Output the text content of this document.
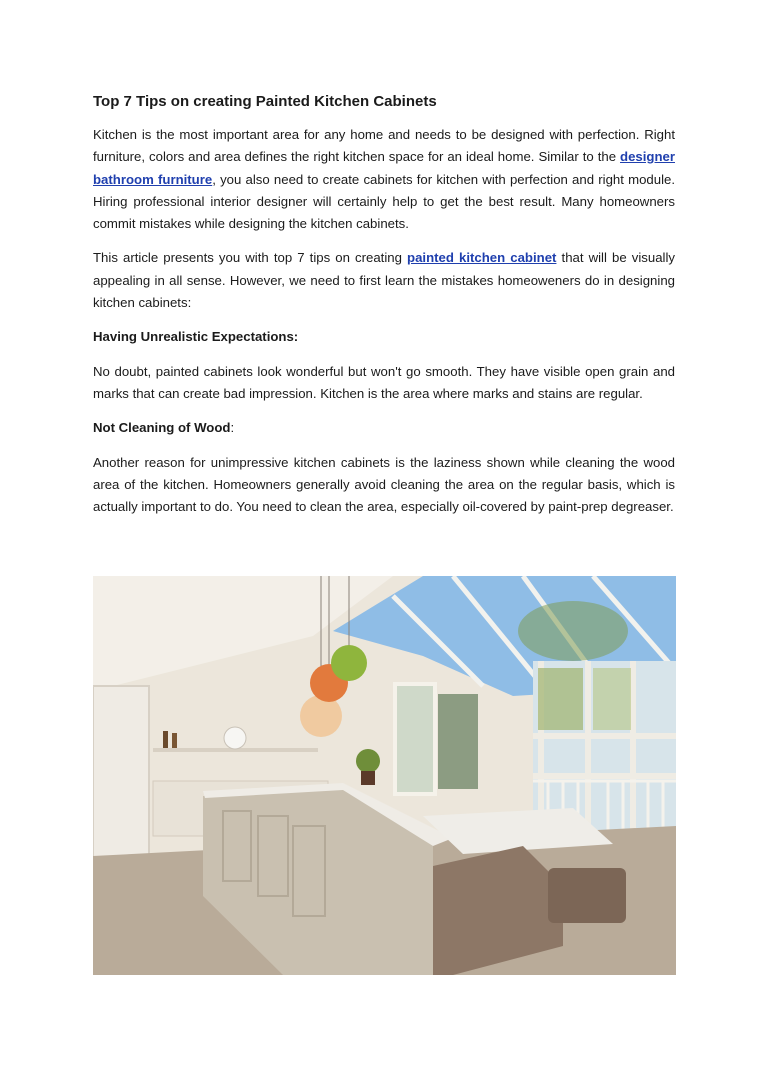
Top 7 Tips on creating Painted Kitchen Cabinets

Kitchen is the most important area for any home and needs to be designed with perfection. Right furniture, colors and area defines the right kitchen space for an ideal home. Similar to the designer bathroom furniture, you also need to create cabinets for kitchen with perfection and right module. Hiring professional interior designer will certainly help to get the best result. Many homeowners commit mistakes while designing the kitchen cabinets.

This article presents you with top 7 tips on creating painted kitchen cabinet that will be visually appealing in all sense. However, we need to first learn the mistakes homeoweners do in designing kitchen cabinets:

Having Unrealistic Expectations:

No doubt, painted cabinets look wonderful but won't go smooth. They have visible open grain and marks that can create bad impression. Kitchen is the area where marks and stains are regular.

Not Cleaning of Wood:

Another reason for unimpressive kitchen cabinets is the laziness shown while cleaning the wood area of the kitchen. Homeowners generally avoid cleaning the area on the regular basis, which is actually important to do. You need to clean the area, especially oil-covered by paint-prep degreaser.
